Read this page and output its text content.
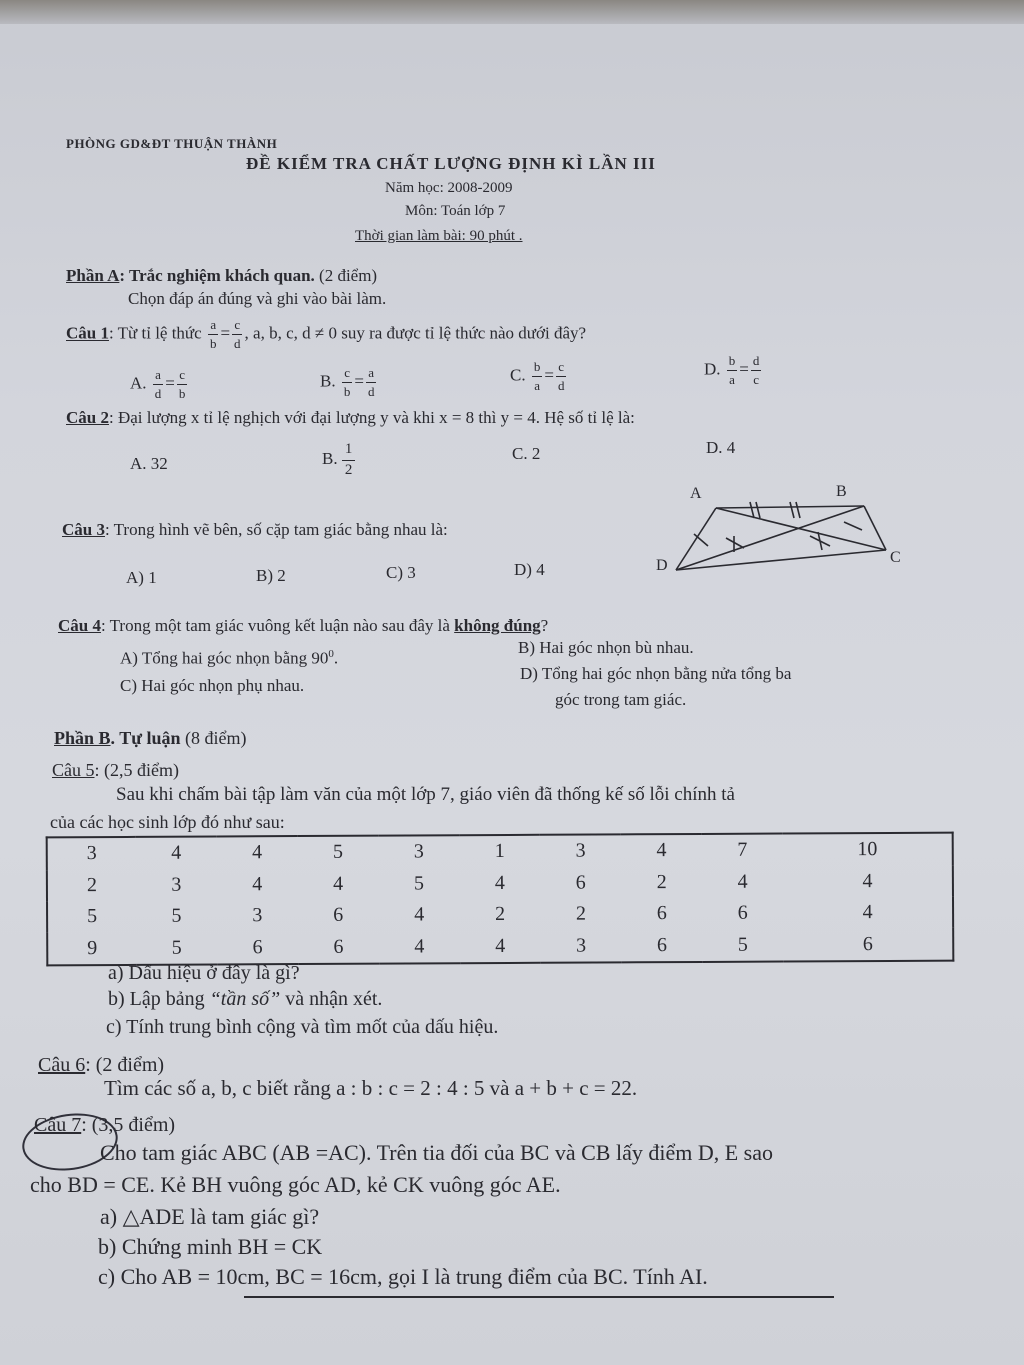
PHÒNG GD&ĐT THUẬN THÀNH
ĐỀ KIỂM TRA CHẤT LƯỢNG ĐỊNH KÌ LẦN III
Năm học: 2008-2009
Môn: Toán lớp 7
Thời gian làm bài: 90 phút .
Phần A: Trắc nghiệm khách quan. (2 điểm)
Chọn đáp án đúng và ghi vào bài làm.
Câu 1: Từ tỉ lệ thức $\frac{a}{b} = \frac{c}{d}$ , a, b, c, d ≠ 0 suy ra được tỉ lệ thức nào dưới đây?
A. $\frac{a}{d} = \frac{c}{b}$	B. $\frac{c}{b} = \frac{a}{d}$	C. $\frac{b}{a} = \frac{c}{d}$	D. $\frac{b}{a} = \frac{d}{c}$
Câu 2: Đại lượng x tỉ lệ nghịch với đại lượng y và khi x = 8 thì y = 4. Hệ số tỉ lệ là:
A. 32	B. $\frac{1}{2}$	C. 2	D. 4
Câu 3: Trong hình vẽ bên, số cặp tam giác bằng nhau là:
A) 1	B) 2	C) 3	D) 4
A	B
C
D
Câu 4: Trong một tam giác vuông kết luận nào sau đây là không đúng?
A) Tổng hai góc nhọn bằng $90^0$.
B) Hai góc nhọn bù nhau.
C) Hai góc nhọn phụ nhau.
D) Tổng hai góc nhọn bằng nửa tổng ba
góc trong tam giác.
Phần B. Tự luận (8 điểm)
Câu 5: (2,5 điểm)
Sau khi chấm bài tập làm văn của một lớp 7, giáo viên đã thống kế số lỗi chính tả
của các học sinh lớp đó như sau:
3	4	4	5	3	1	3	4	7	10
2	3	4	4	5	4	6	2	4	4
5	5	3	6	4	2	2	6	6	4
9	5	6	6	4	4	3	6	5	6
a) Dấu hiệu ở đây là gì?
b) Lập bảng “tần số” và nhận xét.
c) Tính trung bình cộng và tìm mốt của dấu hiệu.
Câu 6: (2 điểm)
Tìm các số a, b, c biết rằng a : b : c = 2 : 4 : 5 và a + b + c = 22.
Câu 7: (3,5 điểm)
Cho tam giác ABC (AB =AC). Trên tia đối của BC và CB lấy điểm D, E sao
cho BD = CE. Kẻ BH vuông góc AD, kẻ CK vuông góc AE.
a) △ADE là tam giác gì?
b) Chứng minh BH = CK
c) Cho AB = 10cm, BC = 16cm, gọi I là trung điểm của BC. Tính AI.
